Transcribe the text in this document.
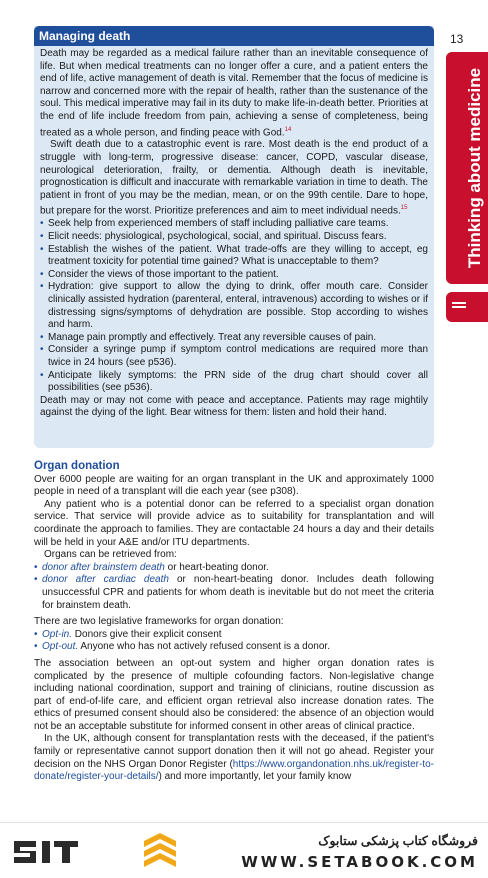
13
Thinking about medicine
Managing death

Death may be regarded as a medical failure rather than an inevitable consequence of life. But when medical treatments can no longer offer a cure, and a patient enters the end of life, active management of death is vital. Remember that the focus of medicine is narrow and concerned more with the repair of health, rather than the sustenance of the soul. This medical imperative may fail in its duty to make life-in-death better. Priorities at the end of life include freedom from pain, achieving a sense of completeness, being treated as a whole person, and finding peace with God.$^{14}$

Swift death due to a catastrophic event is rare. Most death is the end product of a struggle with long-term, progressive disease: cancer, COPD, vascular disease, neurological deterioration, frailty, or dementia. Although death is inevitable, prognostication is difficult and inaccurate with remarkable variation in time to death. The patient in front of you may be the median, mean, or on the 99th centile. Dare to hope, but prepare for the worst. Prioritize preferences and aim to meet individual needs.$^{15}$

• Seek help from experienced members of staff including palliative care teams.
• Elicit needs: physiological, psychological, social, and spiritual. Discuss fears.
• Establish the wishes of the patient. What trade-offs are they willing to accept, eg treatment toxicity for potential time gained? What is unacceptable to them?
• Consider the views of those important to the patient.
• Hydration: give support to allow the dying to drink, offer mouth care. Consider clinically assisted hydration (parenteral, enteral, intravenous) according to wishes or if distressing signs/symptoms of dehydration are possible. Stop according to wishes and harm.
• Manage pain promptly and effectively. Treat any reversible causes of pain.
• Consider a syringe pump if symptom control medications are required more than twice in 24 hours (see p536).
• Anticipate likely symptoms: the PRN side of the drug chart should cover all possibilities (see p536).

Death may or may not come with peace and acceptance. Patients may rage mightily against the dying of the light. Bear witness for them: listen and hold their hand.

Organ donation

Over 6000 people are waiting for an organ transplant in the UK and approximately 1000 people in need of a transplant will die each year (see p308).

Any patient who is a potential donor can be referred to a specialist organ donation service. That service will provide advice as to suitability for transplantation and will coordinate the approach to families. They are contactable 24 hours a day and their details will be held in your A&E and/or ITU departments.

Organs can be retrieved from:

• donor after brainstem death or heart-beating donor.
• donor after cardiac death or non-heart-beating donor. Includes death following unsuccessful CPR and patients for whom death is inevitable but do not meet the criteria for brainstem death.

There are two legislative frameworks for organ donation:

• Opt-in. Donors give their explicit consent
• Opt-out. Anyone who has not actively refused consent is a donor.

The association between an opt-out system and higher organ donation rates is complicated by the presence of multiple cofounding factors. Non-legislative change including national coordination, support and training of clinicians, routine discussion as part of end-of-life care, and efficient organ retrieval also increase donation rates. The ethics of presumed consent should also be considered: the absence of an objection would not be an acceptable substitute for informed consent in other areas of clinical practice.

In the UK, although consent for transplantation rests with the deceased, if the patient's family or representative cannot support donation then it will not go ahead. Register your decision on the NHS Organ Donor Register (https://www.organdonation.nhs.uk/register-to-donate/register-your-details/) and more importantly, let your family know

فروشگاه کتاب پزشکی ستابوک
WWW.SETABOOK.COM
